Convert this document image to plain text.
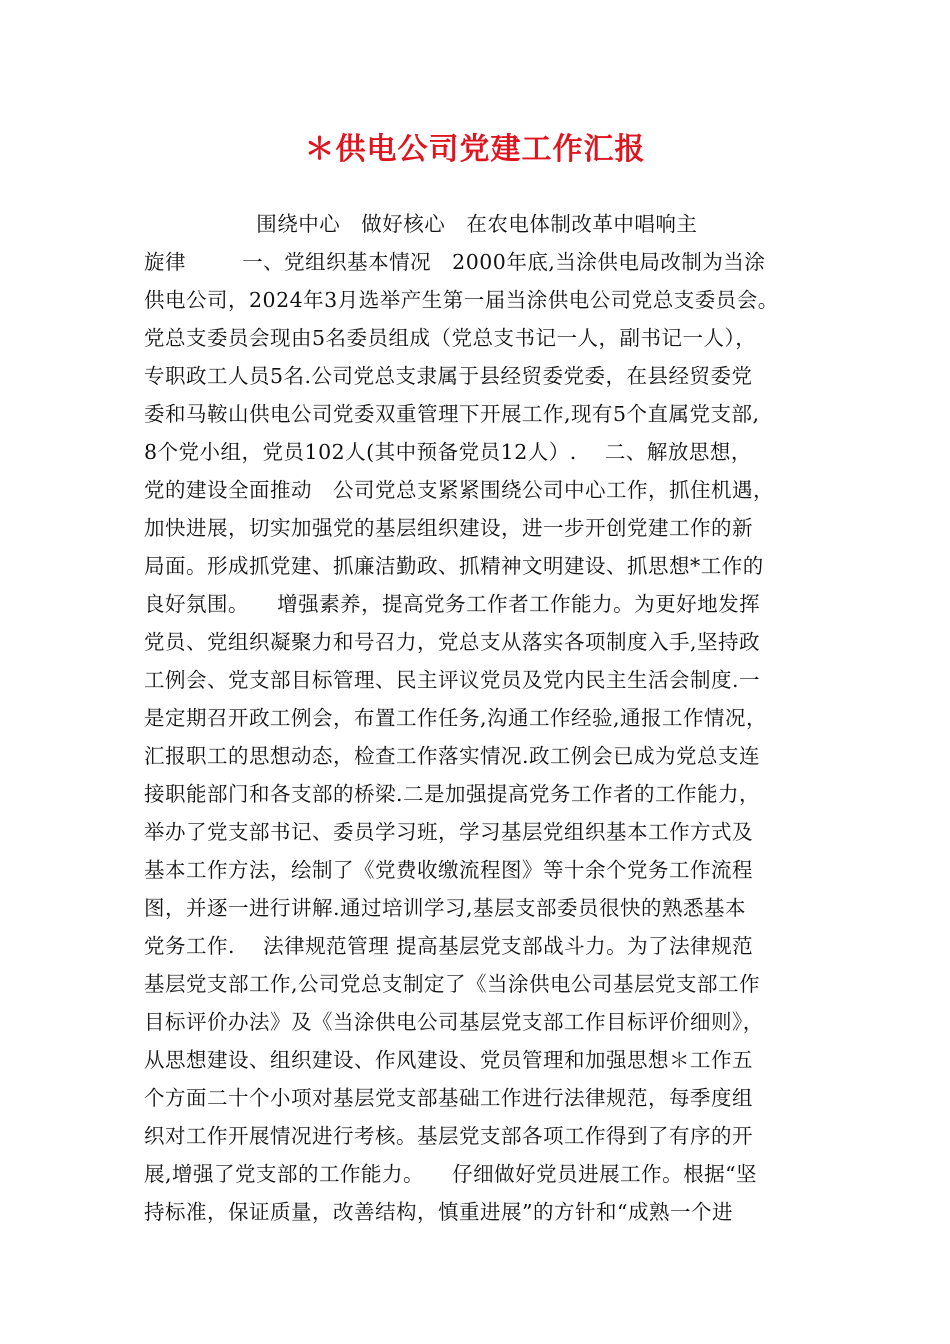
＊供电公司党建工作汇报
围绕中心   做好核心   在农电体制改革中唱响主
旋律        一、党组织基本情况   2000年底,当涂供电局改制为当涂
供电公司，2024年3月选举产生第一届当涂供电公司党总支委员会。
党总支委员会现由5名委员组成（党总支书记一人，副书记一人），
专职政工人员5名.公司党总支隶属于县经贸委党委，在县经贸委党
委和马鞍山供电公司党委双重管理下开展工作,现有5个直属党支部,
8个党小组，党员102人(其中预备党员12人）.    二、解放思想，
党的建设全面推动   公司党总支紧紧围绕公司中心工作，抓住机遇，
加快进展，切实加强党的基层组织建设，进一步开创党建工作的新
局面。形成抓党建、抓廉洁勤政、抓精神文明建设、抓思想*工作的
良好氛围。    增强素养，提高党务工作者工作能力。为更好地发挥
党员、党组织凝聚力和号召力，党总支从落实各项制度入手,坚持政
工例会、党支部目标管理、民主评议党员及党内民主生活会制度.一
是定期召开政工例会，布置工作任务,沟通工作经验,通报工作情况，
汇报职工的思想动态，检查工作落实情况.政工例会已成为党总支连
接职能部门和各支部的桥梁.二是加强提高党务工作者的工作能力，
举办了党支部书记、委员学习班，学习基层党组织基本工作方式及
基本工作方法，绘制了《党费收缴流程图》等十余个党务工作流程
图，并逐一进行讲解.通过培训学习,基层支部委员很快的熟悉基本
党务工作.    法律规范管理 提高基层党支部战斗力。为了法律规范
基层党支部工作,公司党总支制定了《当涂供电公司基层党支部工作
目标评价办法》及《当涂供电公司基层党支部工作目标评价细则》，
从思想建设、组织建设、作风建设、党员管理和加强思想＊工作五
个方面二十个小项对基层党支部基础工作进行法律规范，每季度组
织对工作开展情况进行考核。基层党支部各项工作得到了有序的开
展,增强了党支部的工作能力。    仔细做好党员进展工作。根据“坚
持标准，保证质量，改善结构，慎重进展”的方针和“成熟一个进
